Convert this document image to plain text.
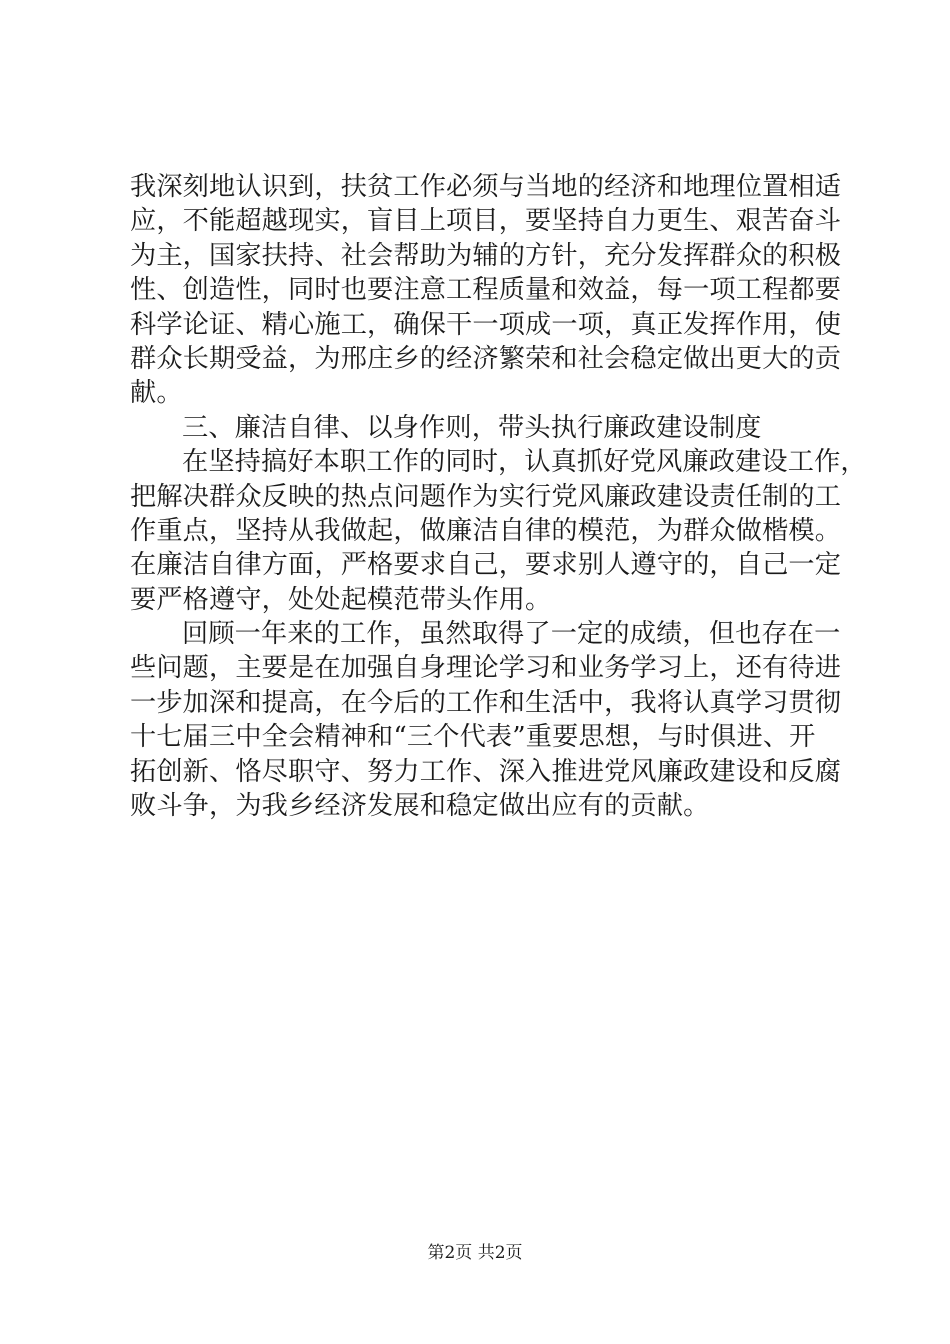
我深刻地认识到，扶贫工作必须与当地的经济和地理位置相适
应，不能超越现实，盲目上项目，要坚持自力更生、艰苦奋斗
为主，国家扶持、社会帮助为辅的方针，充分发挥群众的积极
性、创造性，同时也要注意工程质量和效益，每一项工程都要
科学论证、精心施工，确保干一项成一项，真正发挥作用，使
群众长期受益，为邢庄乡的经济繁荣和社会稳定做出更大的贡
献。
三、廉洁自律、以身作则，带头执行廉政建设制度
在坚持搞好本职工作的同时，认真抓好党风廉政建设工作，
把解决群众反映的热点问题作为实行党风廉政建设责任制的工
作重点，坚持从我做起，做廉洁自律的模范，为群众做楷模。
在廉洁自律方面，严格要求自己，要求别人遵守的，自己一定
要严格遵守，处处起模范带头作用。
回顾一年来的工作，虽然取得了一定的成绩，但也存在一
些问题，主要是在加强自身理论学习和业务学习上，还有待进
一步加深和提高，在今后的工作和生活中，我将认真学习贯彻
十七届三中全会精神和“三个代表”重要思想，与时俱进、开
拓创新、恪尽职守、努力工作、深入推进党风廉政建设和反腐
败斗争，为我乡经济发展和稳定做出应有的贡献。
第2页 共2页
